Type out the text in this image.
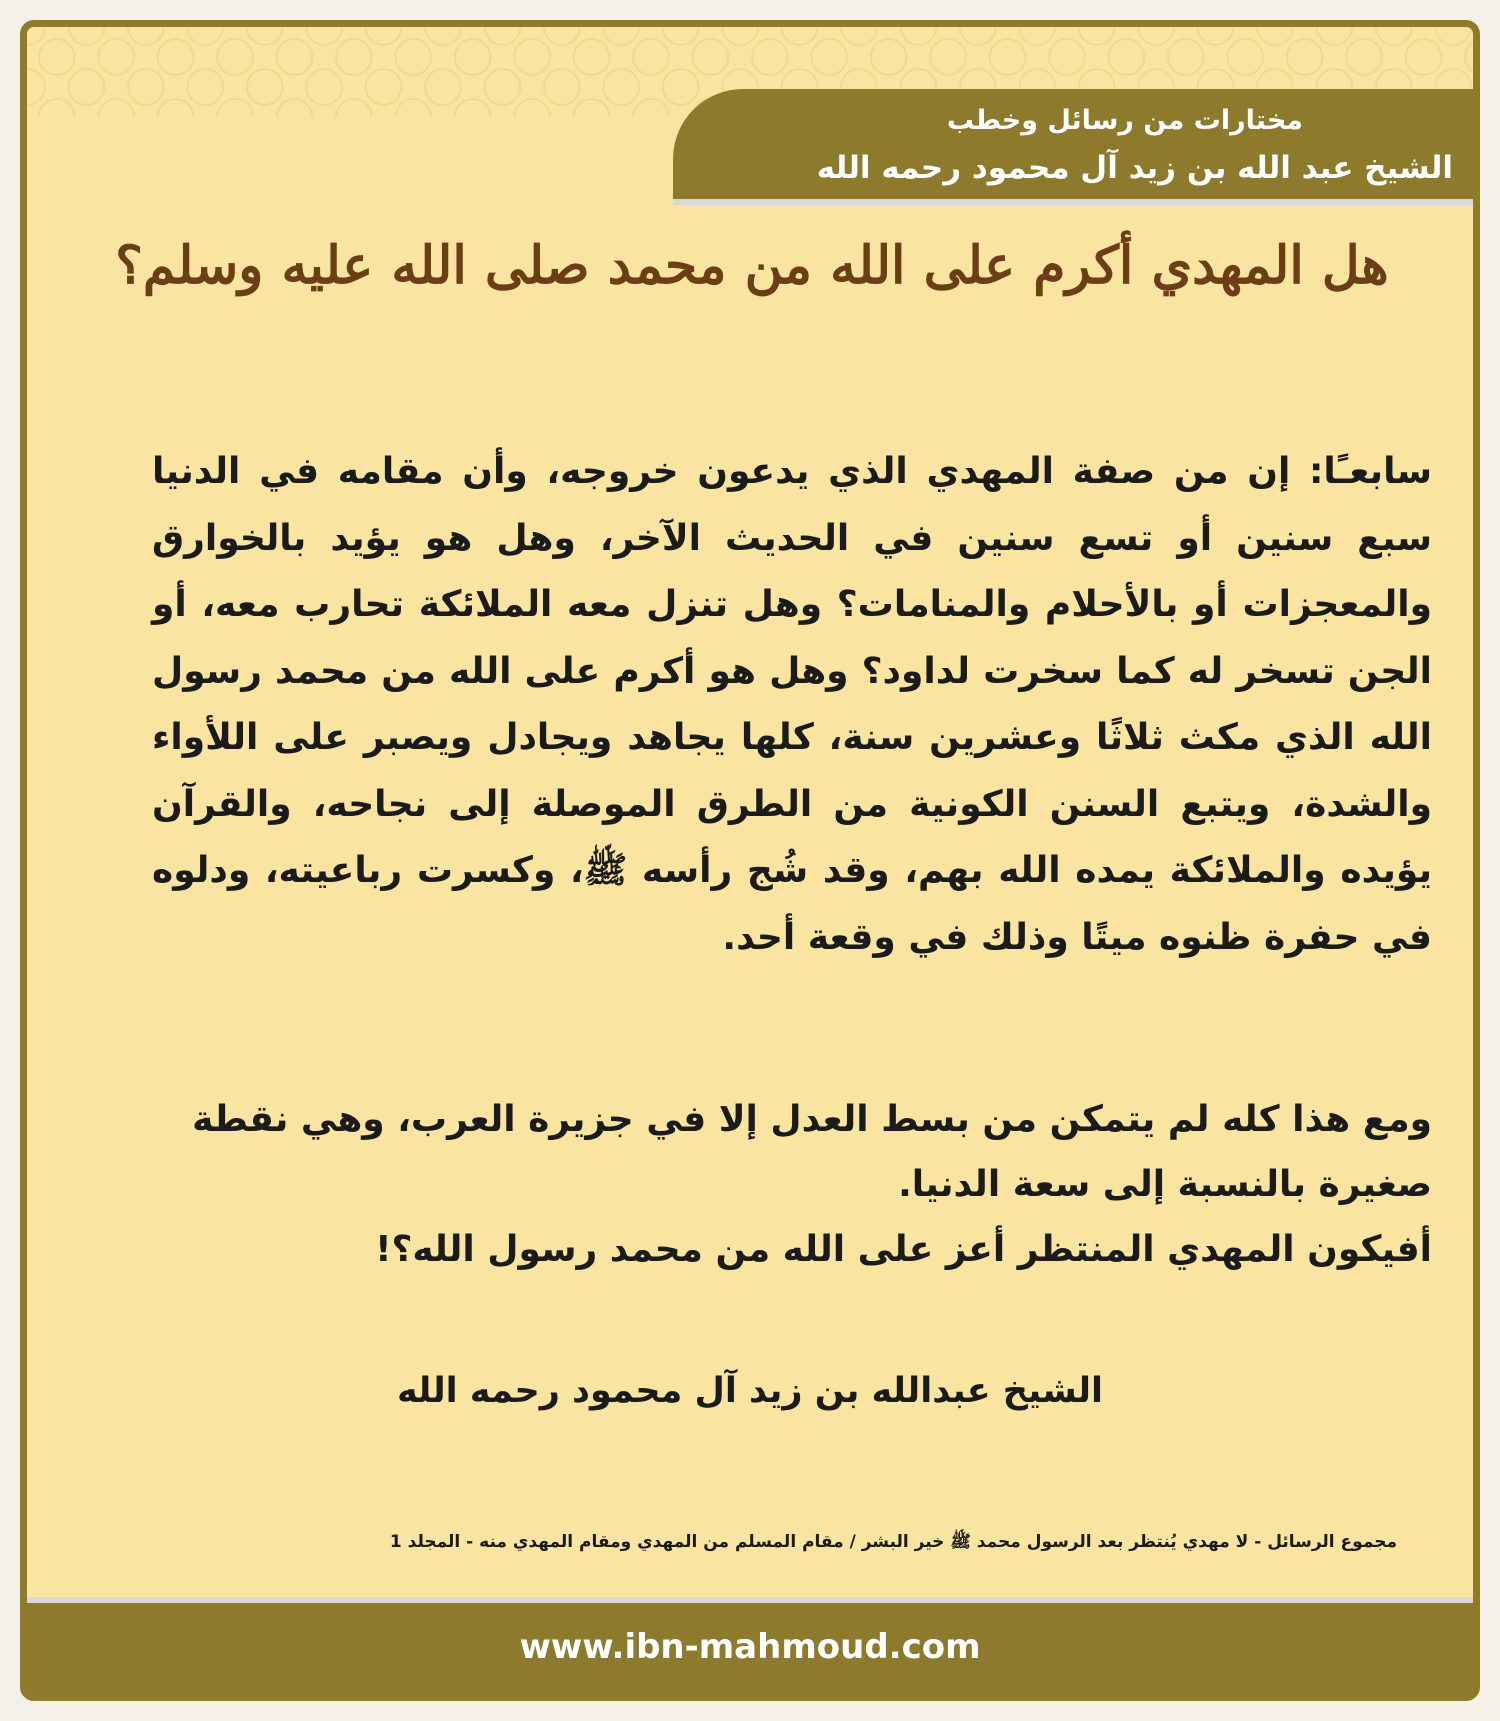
مختارات من رسائل وخطب
الشيخ عبد الله بن زيد آل محمود رحمه الله
هل المهدي أكرم على الله من محمد صلى الله عليه وسلم؟

سابعـًا: إن من صفة المهدي الذي يدعون خروجه، وأن مقامه في الدنيا سبع سنين أو تسع سنين في الحديث الآخر، وهل هو يؤيد بالخوارق والمعجزات أو بالأحلام والمنامات؟ وهل تنزل معه الملائكة تحارب معه، أو الجن تسخر له كما سخرت لداود؟ وهل هو أكرم على الله من محمد رسول الله الذي مكث ثلاثًا وعشرين سنة، كلها يجاهد ويجادل ويصبر على اللأواء والشدة، ويتبع السنن الكونية من الطرق الموصلة إلى نجاحه، والقرآن يؤيده والملائكة يمده الله بهم، وقد شُج رأسه ﷺ، وكسرت رباعيته، ودلوه في حفرة ظنوه ميتًا وذلك في وقعة أحد.

ومع هذا كله لم يتمكن من بسط العدل إلا في جزيرة العرب، وهي نقطة صغيرة بالنسبة إلى سعة الدنيا.

أفيكون المهدي المنتظر أعز على الله من محمد رسول الله؟!

الشيخ عبدالله بن زيد آل محمود رحمه الله
مجموع الرسائل - لا مهدي يُنتظر بعد الرسول محمد ﷺ خير البشر / مقام المسلم من المهدي ومقام المهدي منه - المجلد 1
www.ibn-mahmoud.com
